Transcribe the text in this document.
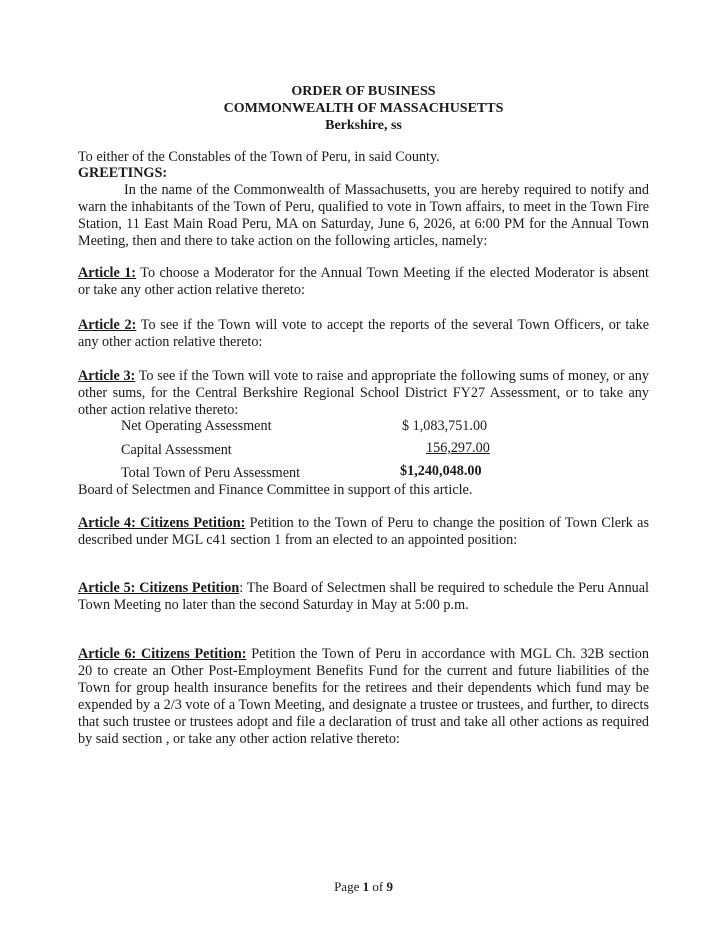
ORDER OF BUSINESS
COMMONWEALTH OF MASSACHUSETTS
Berkshire, ss
To either of the Constables of the Town of Peru, in said County.
GREETINGS:
In the name of the Commonwealth of Massachusetts, you are hereby required to notify and warn the inhabitants of the Town of Peru, qualified to vote in Town affairs, to meet in the Town Fire Station, 11 East Main Road Peru, MA on Saturday, June 6, 2026, at 6:00 PM for the Annual Town Meeting, then and there to take action on the following articles, namely:
Article 1: To choose a Moderator for the Annual Town Meeting if the elected Moderator is absent or take any other action relative thereto:
Article 2: To see if the Town will vote to accept the reports of the several Town Officers, or take any other action relative thereto:
Article 3: To see if the Town will vote to raise and appropriate the following sums of money, or any other sums, for the Central Berkshire Regional School District FY27 Assessment, or to take any other action relative thereto:
Net Operating Assessment	$ 1,083,751.00
Capital Assessment	156,297.00
Total Town of Peru Assessment	$1,240,048.00
Board of Selectmen and Finance Committee in support of this article.
Article 4: Citizens Petition: Petition to the Town of Peru to change the position of Town Clerk as described under MGL c41 section 1 from an elected to an appointed position:
Article 5: Citizens Petition: The Board of Selectmen shall be required to schedule the Peru Annual Town Meeting no later than the second Saturday in May at 5:00 p.m.
Article 6: Citizens Petition: Petition the Town of Peru in accordance with MGL Ch. 32B section 20 to create an Other Post-Employment Benefits Fund for the current and future liabilities of the Town for group health insurance benefits for the retirees and their dependents which fund may be expended by a 2/3 vote of a Town Meeting, and designate a trustee or trustees, and further, to directs that such trustee or trustees adopt and file a declaration of trust and take all other actions as required by said section , or take any other action relative thereto:
Page 1 of 9
